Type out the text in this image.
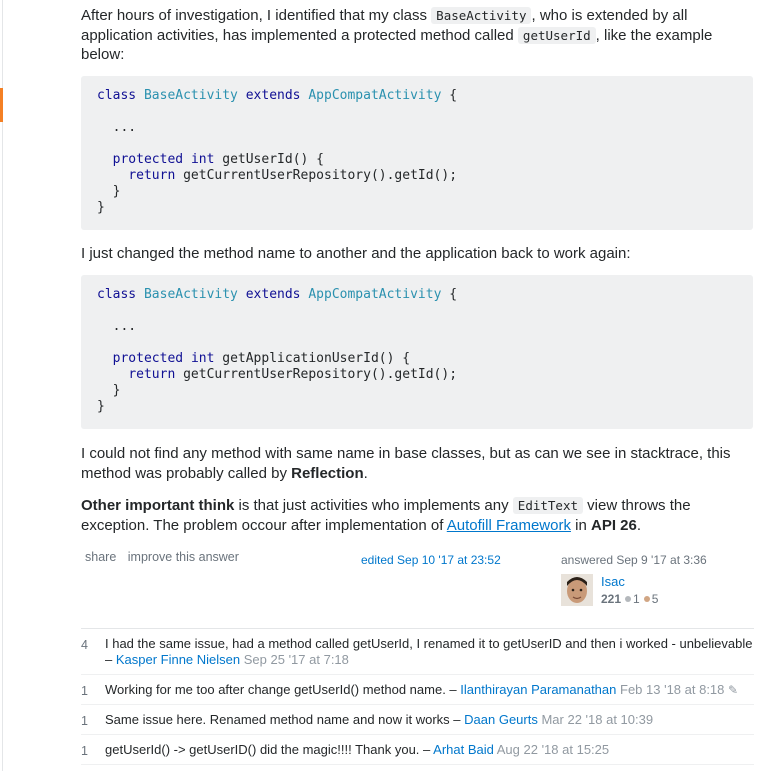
After hours of investigation, I identified that my class BaseActivity , who is extended by all application activities, has implemented a protected method called getUserId , like the example below:

class BaseActivity extends AppCompatActivity {
...
protected int getUserId() {
return getCurrentUserRepository().getId();
}
}

I just changed the method name to another and the application back to work again:

class BaseActivity extends AppCompatActivity {
...
protected int getApplicationUserId() {
return getCurrentUserRepository().getId();
}
}

I could not find any method with same name in base classes, but as can we see in stacktrace, this method was probably called by Reflection.

Other important think is that just activities who implements any EditText view throws the exception. The problem occour after implementation of Autofill Framework in API 26.

share improve this answer	edited Sep 10 '17 at 23:52	answered Sep 9 '17 at 3:36
Isac
221 1 5
4	I had the same issue, had a method called getUserId, I renamed it to getUserID and then i worked - unbelievable – Kasper Finne Nielsen Sep 25 '17 at 7:18
1	Working for me too after change getUserId() method name. – Ilanthirayan Paramanathan Feb 13 '18 at 8:18 ✎
1	Same issue here. Renamed method name and now it works – Daan Geurts Mar 22 '18 at 10:39
1	getUserId() -> getUserID() did the magic!!!! Thank you. – Arhat Baid Aug 22 '18 at 15:25
